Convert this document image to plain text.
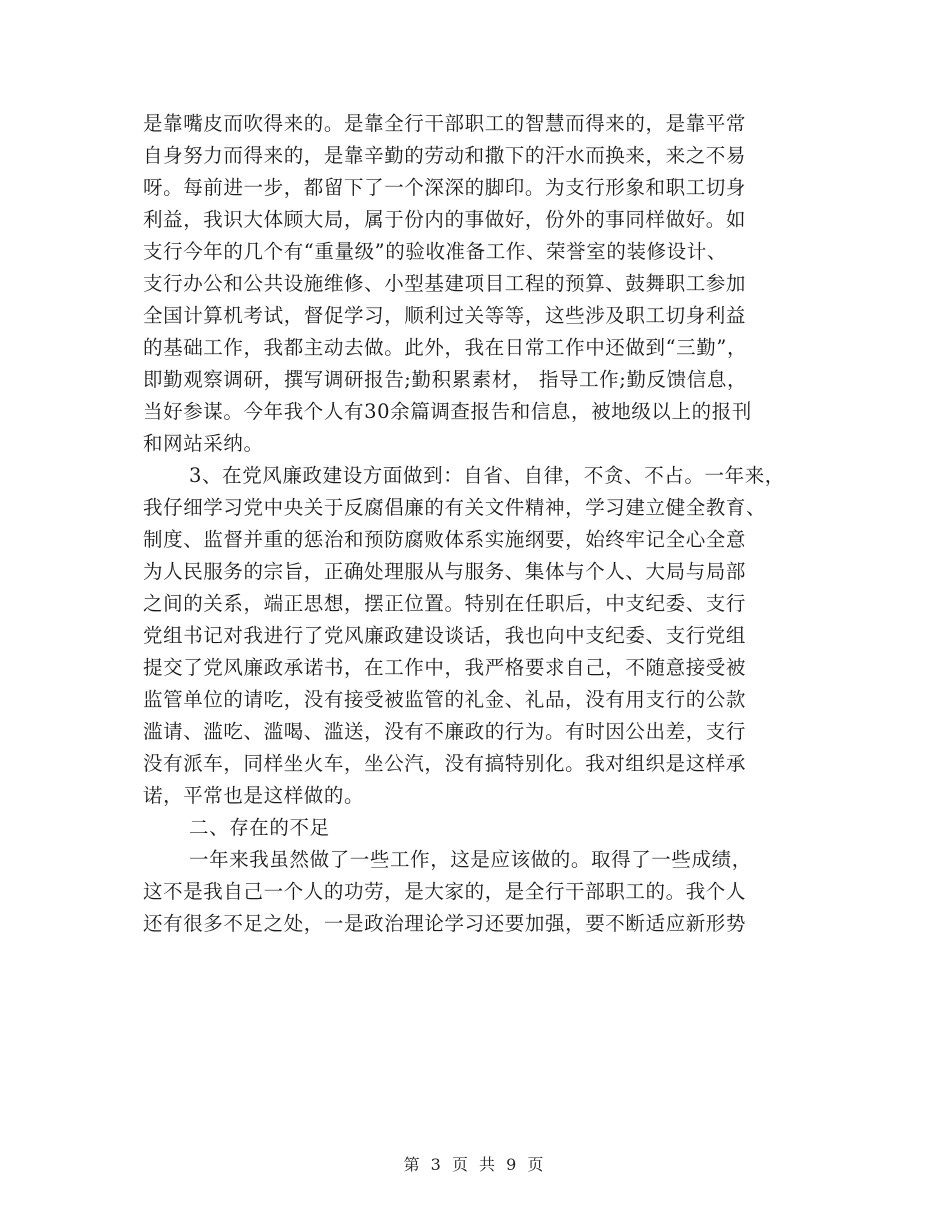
是靠嘴皮而吹得来的。是靠全行干部职工的智慧而得来的，是靠平常
自身努力而得来的，是靠辛勤的劳动和撒下的汗水而换来，来之不易
呀。每前进一步，都留下了一个深深的脚印。为支行形象和职工切身
利益，我识大体顾大局，属于份内的事做好，份外的事同样做好。如
支行今年的几个有“重量级”的验收准备工作、荣誉室的装修设计、
支行办公和公共设施维修、小型基建项目工程的预算、鼓舞职工参加
全国计算机考试，督促学习，顺利过关等等，这些涉及职工切身利益
的基础工作，我都主动去做。此外，我在日常工作中还做到“三勤”，
即勤观察调研，撰写调研报告;勤积累素材， 指导工作;勤反馈信息，
当好参谋。今年我个人有30余篇调查报告和信息，被地级以上的报刊
和网站采纳。
3、在党风廉政建设方面做到：自省、自律，不贪、不占。一年来，
我仔细学习党中央关于反腐倡廉的有关文件精神，学习建立健全教育、
制度、监督并重的惩治和预防腐败体系实施纲要，始终牢记全心全意
为人民服务的宗旨，正确处理服从与服务、集体与个人、大局与局部
之间的关系，端正思想，摆正位置。特别在任职后，中支纪委、支行
党组书记对我进行了党风廉政建设谈话，我也向中支纪委、支行党组
提交了党风廉政承诺书，在工作中，我严格要求自己，不随意接受被
监管单位的请吃，没有接受被监管的礼金、礼品，没有用支行的公款
滥请、滥吃、滥喝、滥送，没有不廉政的行为。有时因公出差，支行
没有派车，同样坐火车，坐公汽，没有搞特别化。我对组织是这样承
诺，平常也是这样做的。
二、存在的不足
一年来我虽然做了一些工作，这是应该做的。取得了一些成绩，
这不是我自己一个人的功劳，是大家的，是全行干部职工的。我个人
还有很多不足之处，一是政治理论学习还要加强，要不断适应新形势
第 3 页 共 9 页
